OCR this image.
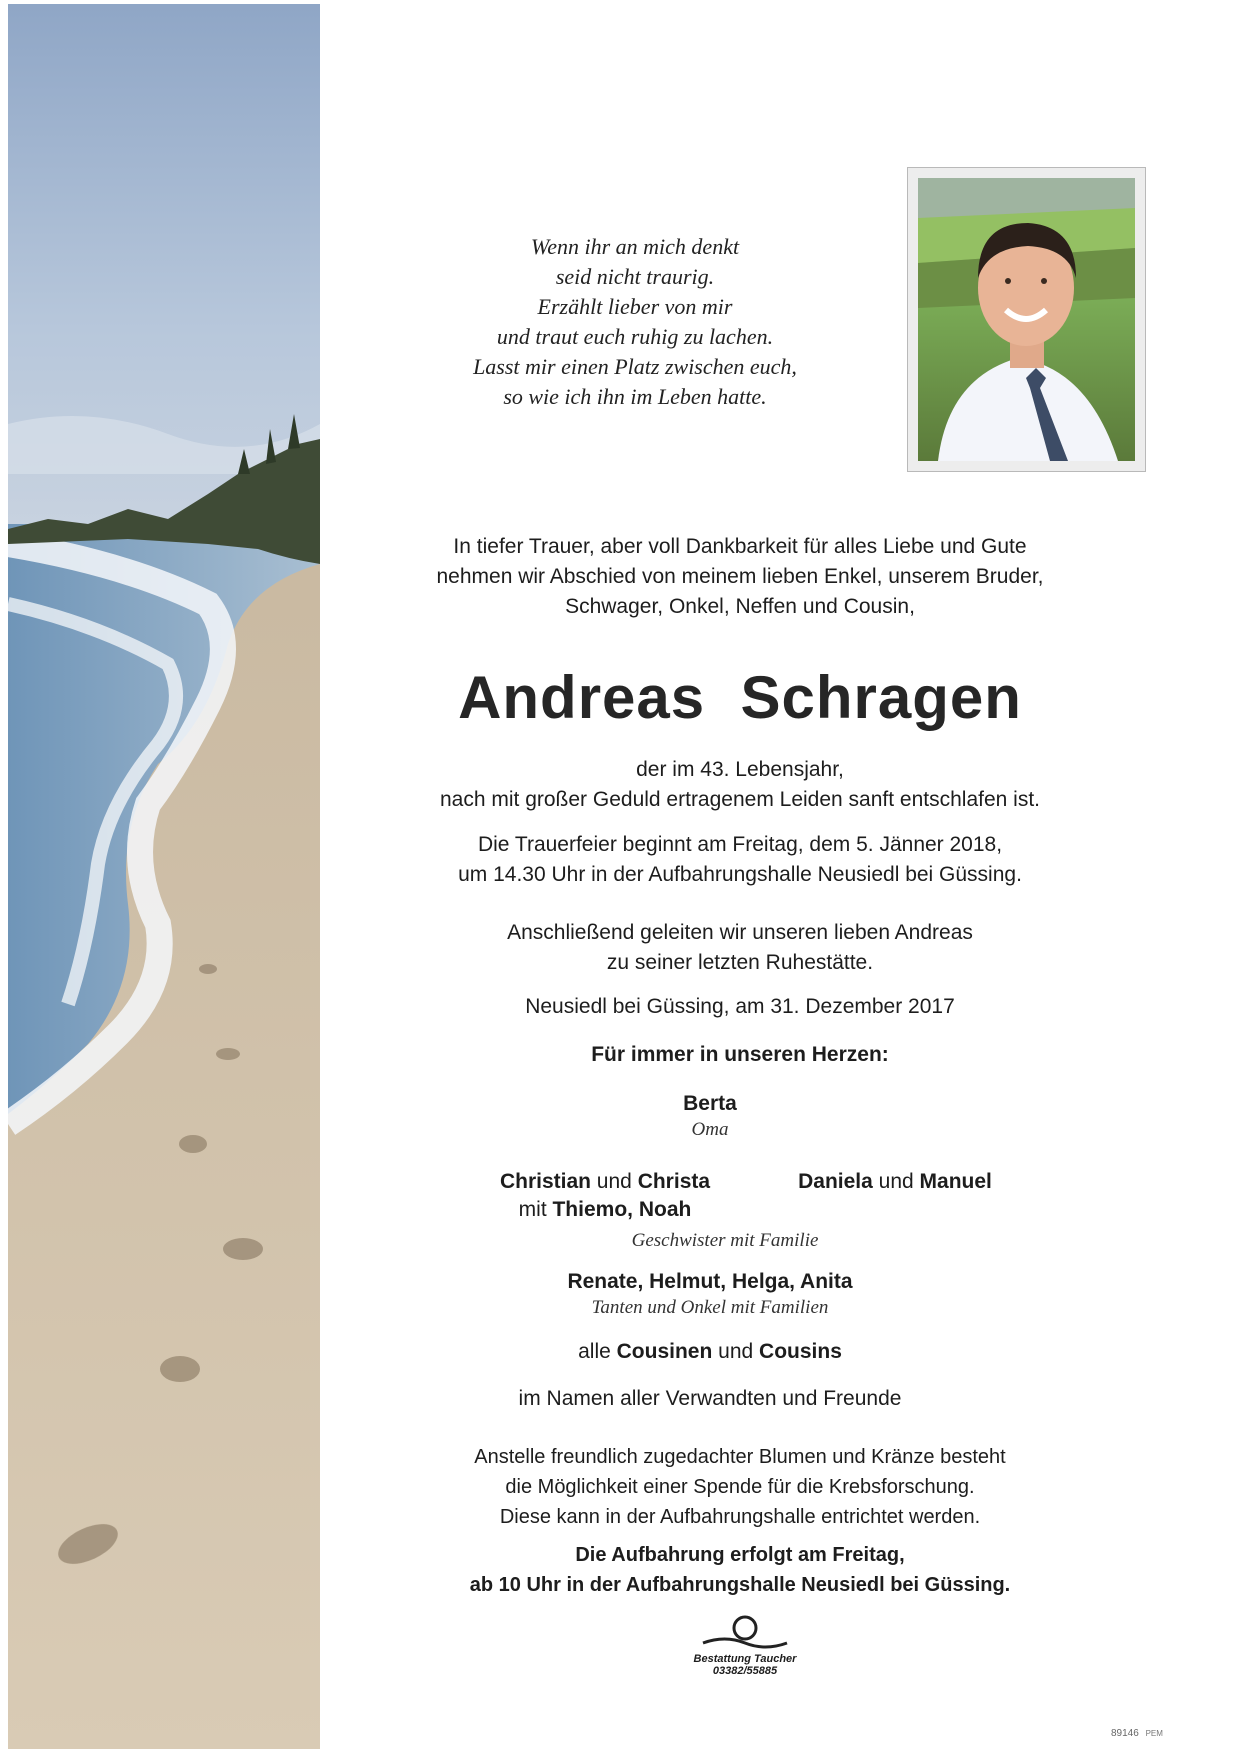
Wenn ihr an mich denkt
seid nicht traurig.
Erzählt lieber von mir
und traut euch ruhig zu lachen.
Lasst mir einen Platz zwischen euch,
so wie ich ihn im Leben hatte.
In tiefer Trauer, aber voll Dankbarkeit für alles Liebe und Gute
nehmen wir Abschied von meinem lieben Enkel, unserem Bruder,
Schwager, Onkel, Neffen und Cousin,
Andreas  Schragen
der im 43. Lebensjahr,
nach mit großer Geduld ertragenem Leiden sanft entschlafen ist.
Die Trauerfeier beginnt am Freitag, dem 5. Jänner 2018,
um 14.30 Uhr in der Aufbahrungshalle Neusiedl bei Güssing.
Anschließend geleiten wir unseren lieben Andreas
zu seiner letzten Ruhestätte.
Neusiedl bei Güssing, am 31. Dezember 2017
Für immer in unseren Herzen:
Berta
Oma
Christian und Christa
mit Thiemo, Noah
Daniela und Manuel
Geschwister mit Familie
Renate, Helmut, Helga, Anita
Tanten und Onkel mit Familien
alle Cousinen und Cousins
im Namen aller Verwandten und Freunde
Anstelle freundlich zugedachter Blumen und Kränze besteht
die Möglichkeit einer Spende für die Krebsforschung.
Diese kann in der Aufbahrungshalle entrichtet werden.
Die Aufbahrung erfolgt am Freitag,
ab 10 Uhr in der Aufbahrungshalle Neusiedl bei Güssing.
Bestattung Taucher
03382/55885
89146 PEM
